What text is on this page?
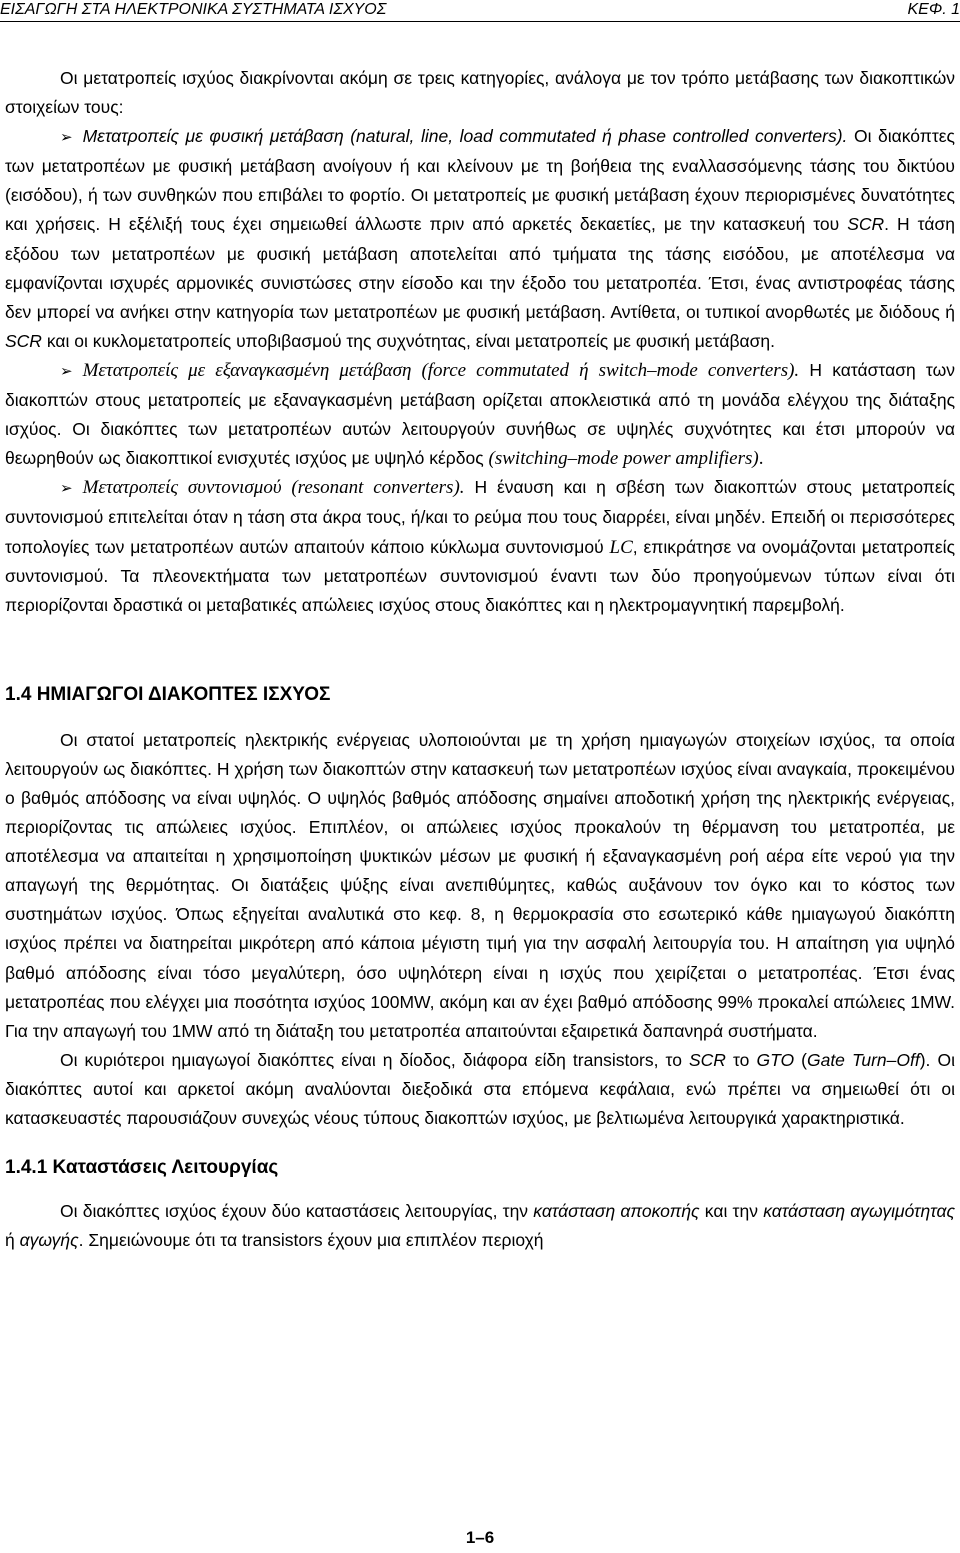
ΕΙΣΑΓΩΓΗ ΣΤΑ ΗΛΕΚΤΡΟΝΙΚΑ ΣΥΣΤΗΜΑΤΑ ΙΣΧΥΟΣ	ΚΕΦ. 1

Οι μετατροπείς ισχύος διακρίνονται ακόμη σε τρεις κατηγορίες, ανάλογα με τον τρόπο μετάβασης των διακοπτικών στοιχείων τους:

➢ Μετατροπείς με φυσική μετάβαση (natural, line, load commutated ή phase controlled converters). Οι διακόπτες των μετατροπέων με φυσική μετάβαση ανοίγουν ή και κλείνουν με τη βοήθεια της εναλλασσόμενης τάσης του δικτύου (εισόδου), ή των συνθηκών που επιβάλει το φορτίο. Οι μετατροπείς με φυσική μετάβαση έχουν περιορισμένες δυνατότητες και χρήσεις. Η εξέλιξή τους έχει σημειωθεί άλλωστε πριν από αρκετές δεκαετίες, με την κατασκευή του SCR. Η τάση εξόδου των μετατροπέων με φυσική μετάβαση αποτελείται από τμήματα της τάσης εισόδου, με αποτέλεσμα να εμφανίζονται ισχυρές αρμονικές συνιστώσες στην είσοδο και την έξοδο του μετατροπέα. Έτσι, ένας αντιστροφέας τάσης δεν μπορεί να ανήκει στην κατηγορία των μετατροπέων με φυσική μετάβαση. Αντίθετα, οι τυπικοί ανορθωτές με διόδους ή SCR και οι κυκλομετατροπείς υποβιβασμού της συχνότητας, είναι μετατροπείς με φυσική μετάβαση.

➢ Μετατροπείς με εξαναγκασμένη μετάβαση (force commutated ή switch–mode converters). Η κατάσταση των διακοπτών στους μετατροπείς με εξαναγκασμένη μετάβαση ορίζεται αποκλειστικά από τη μονάδα ελέγχου της διάταξης ισχύος. Οι διακόπτες των μετατροπέων αυτών λειτουργούν συνήθως σε υψηλές συχνότητες και έτσι μπορούν να θεωρηθούν ως διακοπτικοί ενισχυτές ισχύος με υψηλό κέρδος (switching–mode power amplifiers).

➢ Μετατροπείς συντονισμού (resonant converters). Η έναυση και η σβέση των διακοπτών στους μετατροπείς συντονισμού επιτελείται όταν η τάση στα άκρα τους, ή/και το ρεύμα που τους διαρρέει, είναι μηδέν. Επειδή οι περισσότερες τοπολογίες των μετατροπέων αυτών απαιτούν κάποιο κύκλωμα συντονισμού LC, επικράτησε να ονομάζονται μετατροπείς συντονισμού. Τα πλεονεκτήματα των μετατροπέων συντονισμού έναντι των δύο προηγούμενων τύπων είναι ότι περιορίζονται δραστικά οι μεταβατικές απώλειες ισχύος στους διακόπτες και η ηλεκτρομαγνητική παρεμβολή.

1.4 ΗΜΙΑΓΩΓΟΙ ΔΙΑΚΟΠΤΕΣ ΙΣΧΥΟΣ

Οι στατοί μετατροπείς ηλεκτρικής ενέργειας υλοποιούνται με τη χρήση ημιαγωγών στοιχείων ισχύος, τα οποία λειτουργούν ως διακόπτες. Η χρήση των διακοπτών στην κατασκευή των μετατροπέων ισχύος είναι αναγκαία, προκειμένου ο βαθμός απόδοσης να είναι υψηλός. Ο υψηλός βαθμός απόδοσης σημαίνει αποδοτική χρήση της ηλεκτρικής ενέργειας, περιορίζοντας τις απώλειες ισχύος. Επιπλέον, οι απώλειες ισχύος προκαλούν τη θέρμανση του μετατροπέα, με αποτέλεσμα να απαιτείται η χρησιμοποίηση ψυκτικών μέσων με φυσική ή εξαναγκασμένη ροή αέρα είτε νερού για την απαγωγή της θερμότητας. Οι διατάξεις ψύξης είναι ανεπιθύμητες, καθώς αυξάνουν τον όγκο και το κόστος των συστημάτων ισχύος. Όπως εξηγείται αναλυτικά στο κεφ. 8, η θερμοκρασία στο εσωτερικό κάθε ημιαγωγού διακόπτη ισχύος πρέπει να διατηρείται μικρότερη από κάποια μέγιστη τιμή για την ασφαλή λειτουργία του. Η απαίτηση για υψηλό βαθμό απόδοσης είναι τόσο μεγαλύτερη, όσο υψηλότερη είναι η ισχύς που χειρίζεται ο μετατροπέας. Έτσι ένας μετατροπέας που ελέγχει μια ποσότητα ισχύος 100MW, ακόμη και αν έχει βαθμό απόδοσης 99% προκαλεί απώλειες 1MW. Για την απαγωγή του 1MW από τη διάταξη του μετατροπέα απαιτούνται εξαιρετικά δαπανηρά συστήματα.

Οι κυριότεροι ημιαγωγοί διακόπτες είναι η δίοδος, διάφορα είδη transistors, το SCR το GTO (Gate Turn–Off). Οι διακόπτες αυτοί και αρκετοί ακόμη αναλύονται διεξοδικά στα επόμενα κεφάλαια, ενώ πρέπει να σημειωθεί ότι οι κατασκευαστές παρουσιάζουν συνεχώς νέους τύπους διακοπτών ισχύος, με βελτιωμένα λειτουργικά χαρακτηριστικά.

1.4.1 Καταστάσεις Λειτουργίας

Οι διακόπτες ισχύος έχουν δύο καταστάσεις λειτουργίας, την κατάσταση αποκοπής και την κατάσταση αγωγιμότητας ή αγωγής. Σημειώνουμε ότι τα transistors έχουν μια επιπλέον περιοχή

1–6
